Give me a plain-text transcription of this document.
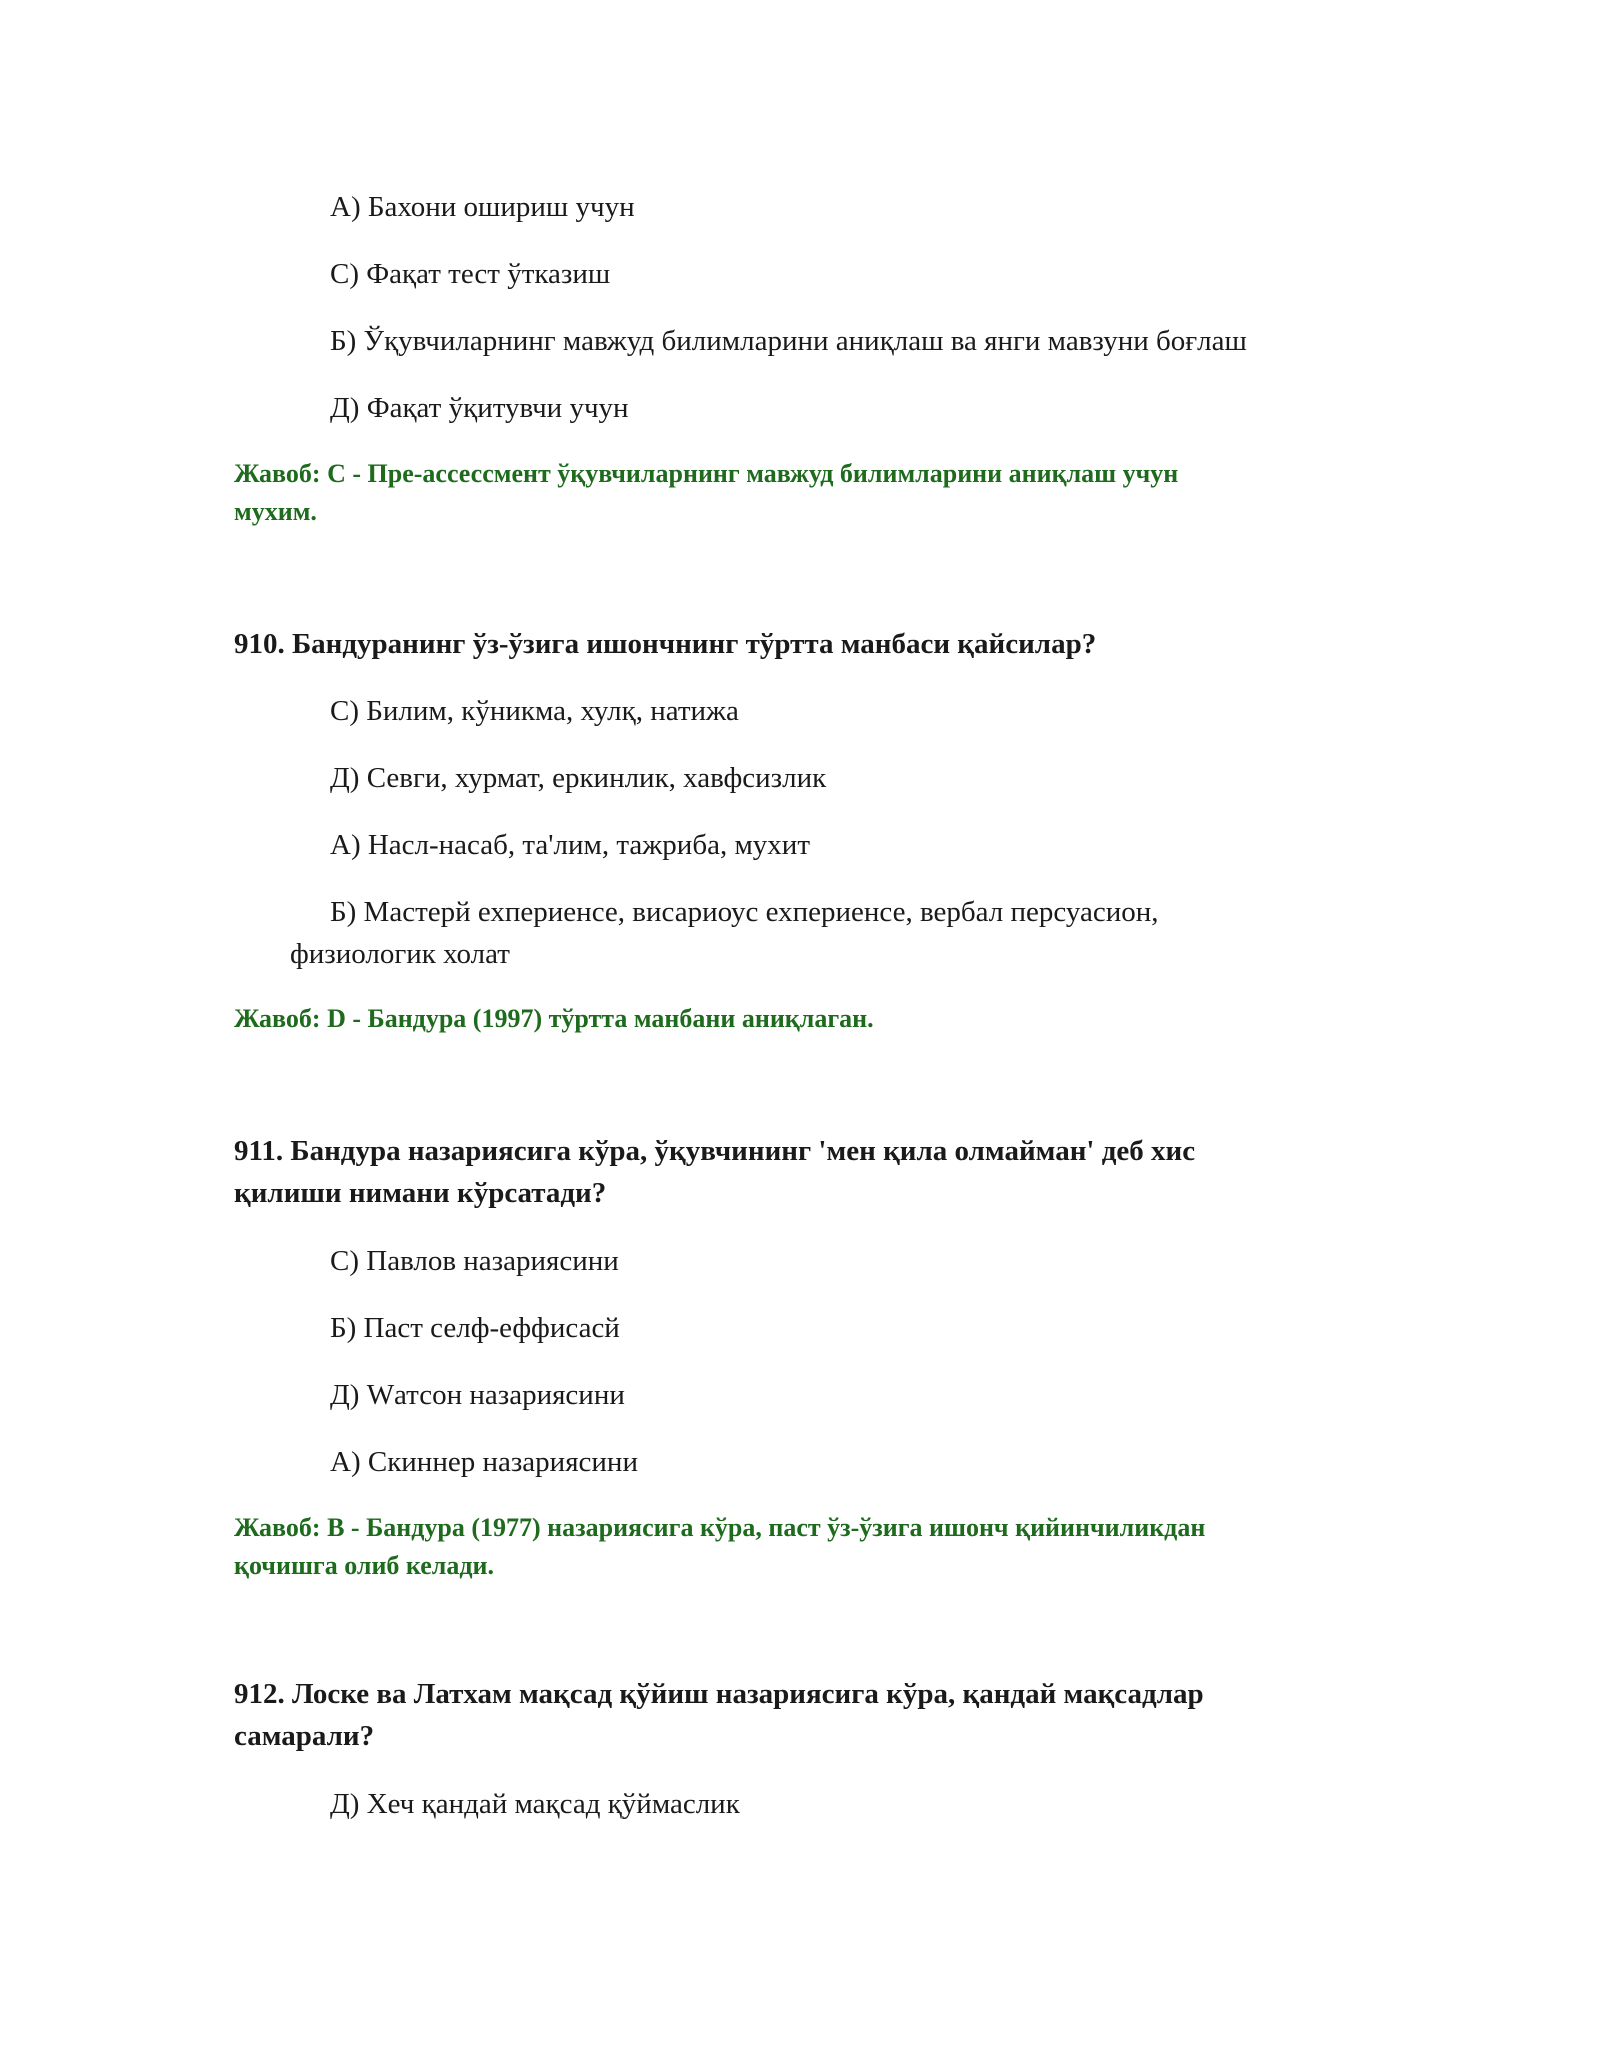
А) Бахони ошириш учун
С) Фақат тест ўтказиш
Б) Ўқувчиларнинг мавжуд билимларини аниқлаш ва янги мавзуни боғлаш
Д) Фақат ўқитувчи учун
Жавоб: C - Пре-ассессмент ўқувчиларнинг мавжуд билимларини аниқлаш учун
мухим.
910. Бандуранинг ўз-ўзига ишончнинг тўртта манбаси қайсилар?
С) Билим, кўникма, хулқ, натижа
Д) Севги, хурмат, еркинлик, хавфсизлик
А) Насл-насаб, та'лим, тажриба, мухит
Б) Мастерй ехпериенсе, висариоус ехпериенсе, вербал персуасион,
физиологик холат
Жавоб: D - Бандура (1997) тўртта манбани аниқлаган.
911. Бандура назариясига кўра, ўқувчининг 'мен қила олмайман' деб хис
қилиши нимани кўрсатади?
С) Павлов назариясини
Б) Паст селф-еффисасй
Д) Wатсон назариясини
А) Скиннер назариясини
Жавоб: B - Бандура (1977) назариясига кўра, паст ўз-ўзига ишонч қийинчиликдан
қочишга олиб келади.
912. Лоске ва Латхам мақсад қўйиш назариясига кўра, қандай мақсадлар
самарали?
Д) Хеч қандай мақсад қўймаслик
